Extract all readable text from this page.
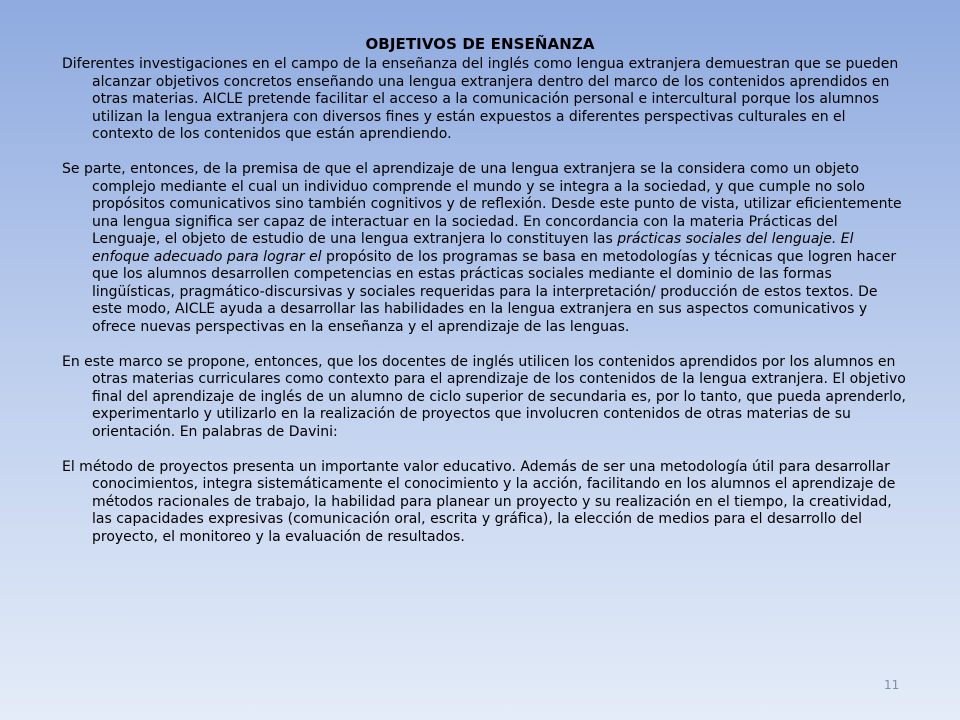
OBJETIVOS DE ENSEÑANZA

Diferentes investigaciones en el campo de la enseñanza del inglés como lengua extranjera demuestran que se pueden alcanzar objetivos concretos enseñando una lengua extranjera dentro del marco de los contenidos aprendidos en otras materias. AICLE pretende facilitar el acceso a la comunicación personal e intercultural porque los alumnos utilizan la lengua extranjera con diversos fines y están expuestos a diferentes perspectivas culturales en el contexto de los contenidos que están aprendiendo.

Se parte, entonces, de la premisa de que el aprendizaje de una lengua extranjera se la considera como un objeto complejo mediante el cual un individuo comprende el mundo y se integra a la sociedad, y que cumple no solo propósitos comunicativos sino también cognitivos y de reflexión. Desde este punto de vista, utilizar eficientemente una lengua significa ser capaz de interactuar en la sociedad. En concordancia con la materia Prácticas del Lenguaje, el objeto de estudio de una lengua extranjera lo constituyen las prácticas sociales del lenguaje. El enfoque adecuado para lograr el propósito de los programas se basa en metodologías y técnicas que logren hacer que los alumnos desarrollen competencias en estas prácticas sociales mediante el dominio de las formas lingüísticas, pragmático-discursivas y sociales requeridas para la interpretación/ producción de estos textos. De este modo, AICLE ayuda a desarrollar las habilidades en la lengua extranjera en sus aspectos comunicativos y ofrece nuevas perspectivas en la enseñanza y el aprendizaje de las lenguas.

En este marco se propone, entonces, que los docentes de inglés utilicen los contenidos aprendidos por los alumnos en otras materias curriculares como contexto para el aprendizaje de los contenidos de la lengua extranjera. El objetivo final del aprendizaje de inglés de un alumno de ciclo superior de secundaria es, por lo tanto, que pueda aprenderlo, experimentarlo y utilizarlo en la realización de proyectos que involucren contenidos de otras materias de su orientación. En palabras de Davini:

El método de proyectos presenta un importante valor educativo. Además de ser una metodología útil para desarrollar conocimientos, integra sistemáticamente el conocimiento y la acción, facilitando en los alumnos el aprendizaje de métodos racionales de trabajo, la habilidad para planear un proyecto y su realización en el tiempo, la creatividad, las capacidades expresivas (comunicación oral, escrita y gráfica), la elección de medios para el desarrollo del proyecto, el monitoreo y la evaluación de resultados.

11
